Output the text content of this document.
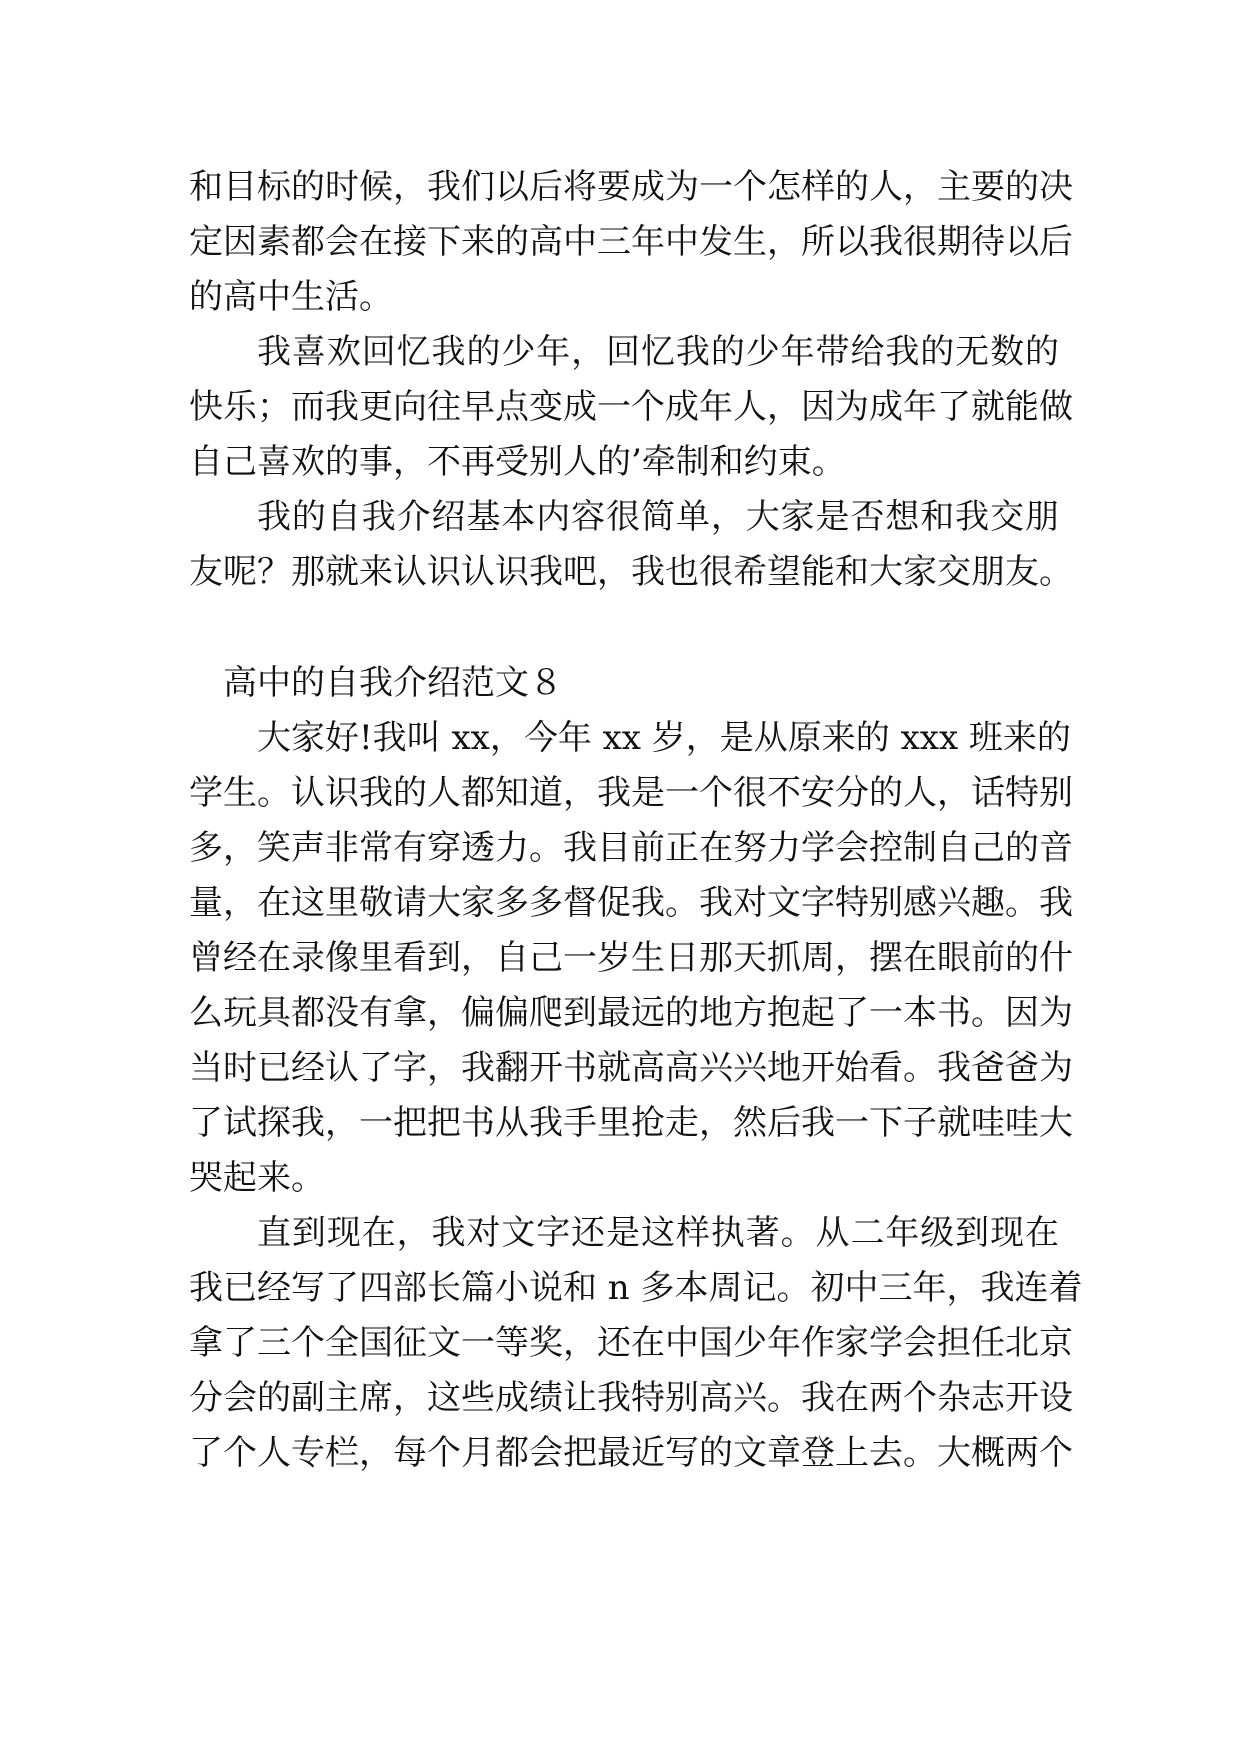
和目标的时候，我们以后将要成为一个怎样的人，主要的决
定因素都会在接下来的高中三年中发生，所以我很期待以后
的高中生活。
我喜欢回忆我的少年，回忆我的少年带给我的无数的
快乐；而我更向往早点变成一个成年人，因为成年了就能做
自己喜欢的事，不再受别人的’牵制和约束。
我的自我介绍基本内容很简单，大家是否想和我交朋
友呢？那就来认识认识我吧，我也很希望能和大家交朋友。
高中的自我介绍范文８
大家好!我叫 xx，今年 xx 岁，是从原来的 xxx 班来的
学生。认识我的人都知道，我是一个很不安分的人，话特别
多，笑声非常有穿透力。我目前正在努力学会控制自己的音
量，在这里敬请大家多多督促我。我对文字特别感兴趣。我
曾经在录像里看到，自己一岁生日那天抓周，摆在眼前的什
么玩具都没有拿，偏偏爬到最远的地方抱起了一本书。因为
当时已经认了字，我翻开书就高高兴兴地开始看。我爸爸为
了试探我，一把把书从我手里抢走，然后我一下子就哇哇大
哭起来。
直到现在，我对文字还是这样执著。从二年级到现在
我已经写了四部长篇小说和 n 多本周记。初中三年，我连着
拿了三个全国征文一等奖，还在中国少年作家学会担任北京
分会的副主席，这些成绩让我特别高兴。我在两个杂志开设
了个人专栏，每个月都会把最近写的文章登上去。大概两个
